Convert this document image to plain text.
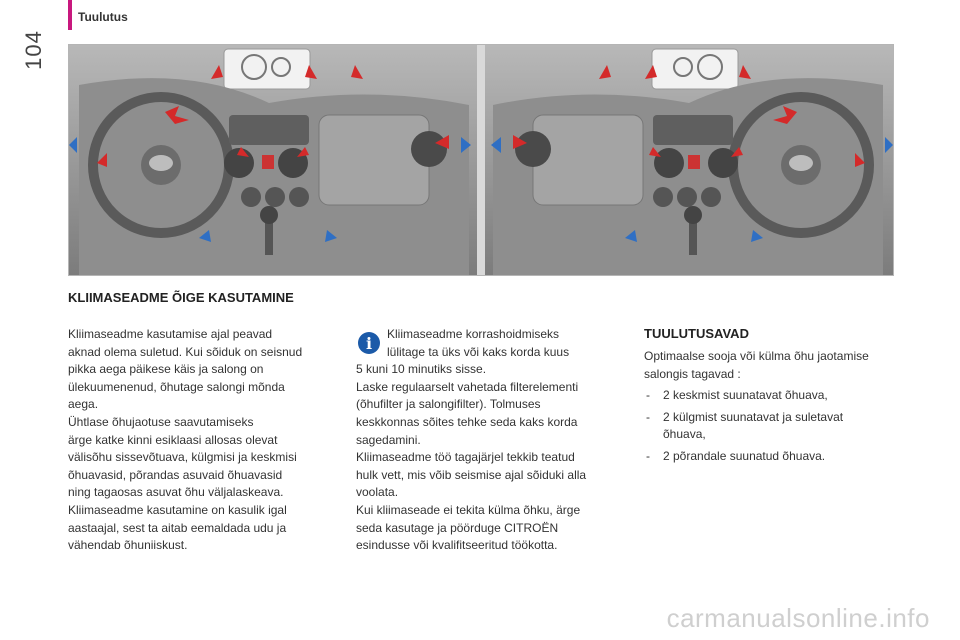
104
Tuulutus
KLIIMASEADME ÕIGE KASUTAMINE

Kliimaseadme kasutamise ajal peavad

aknad olema suletud. Kui sõiduk on seisnud

pikka aega päikese käis ja salong on

ülekuumenenud, õhutage salongi mõnda

aega.

Ühtlase õhujaotuse saavutamiseks

ärge katke kinni esiklaasi allosas olevat

välisõhu sissevõtuava, külgmisi ja keskmisi

õhuavasid, põrandas asuvaid õhuavasid

ning tagaosas asuvat õhu väljalaskeava.

Kliimaseadme kasutamine on kasulik igal

aastaajal, sest ta aitab eemaldada udu ja

vähendab õhuniiskust.

i	Kliimaseadme korrashoidmiseks

lülitage ta üks või kaks korda kuus

5 kuni 10 minutiks sisse.

Laske regulaarselt vahetada filterelementi

(õhufilter ja salongifilter). Tolmuses

keskkonnas sõites tehke seda kaks korda

sagedamini.

Kliimaseadme töö tagajärjel tekkib teatud

hulk vett, mis võib seismise ajal sõiduki alla

voolata.

Kui kliimaseade ei tekita külma õhku, ärge

seda kasutage ja pöörduge CITROËN

esindusse või kvalifitseeritud töökotta.

TUULUTUSAVAD

Optimaalse sooja või külma õhu jaotamise

salongis tagavad :

- 2 keskmist suunatavat õhuava,
- 2 külgmist suunatavat ja suletavat
õhuava,
- 2 põrandale suunatud õhuava.
carmanualsonline.info
